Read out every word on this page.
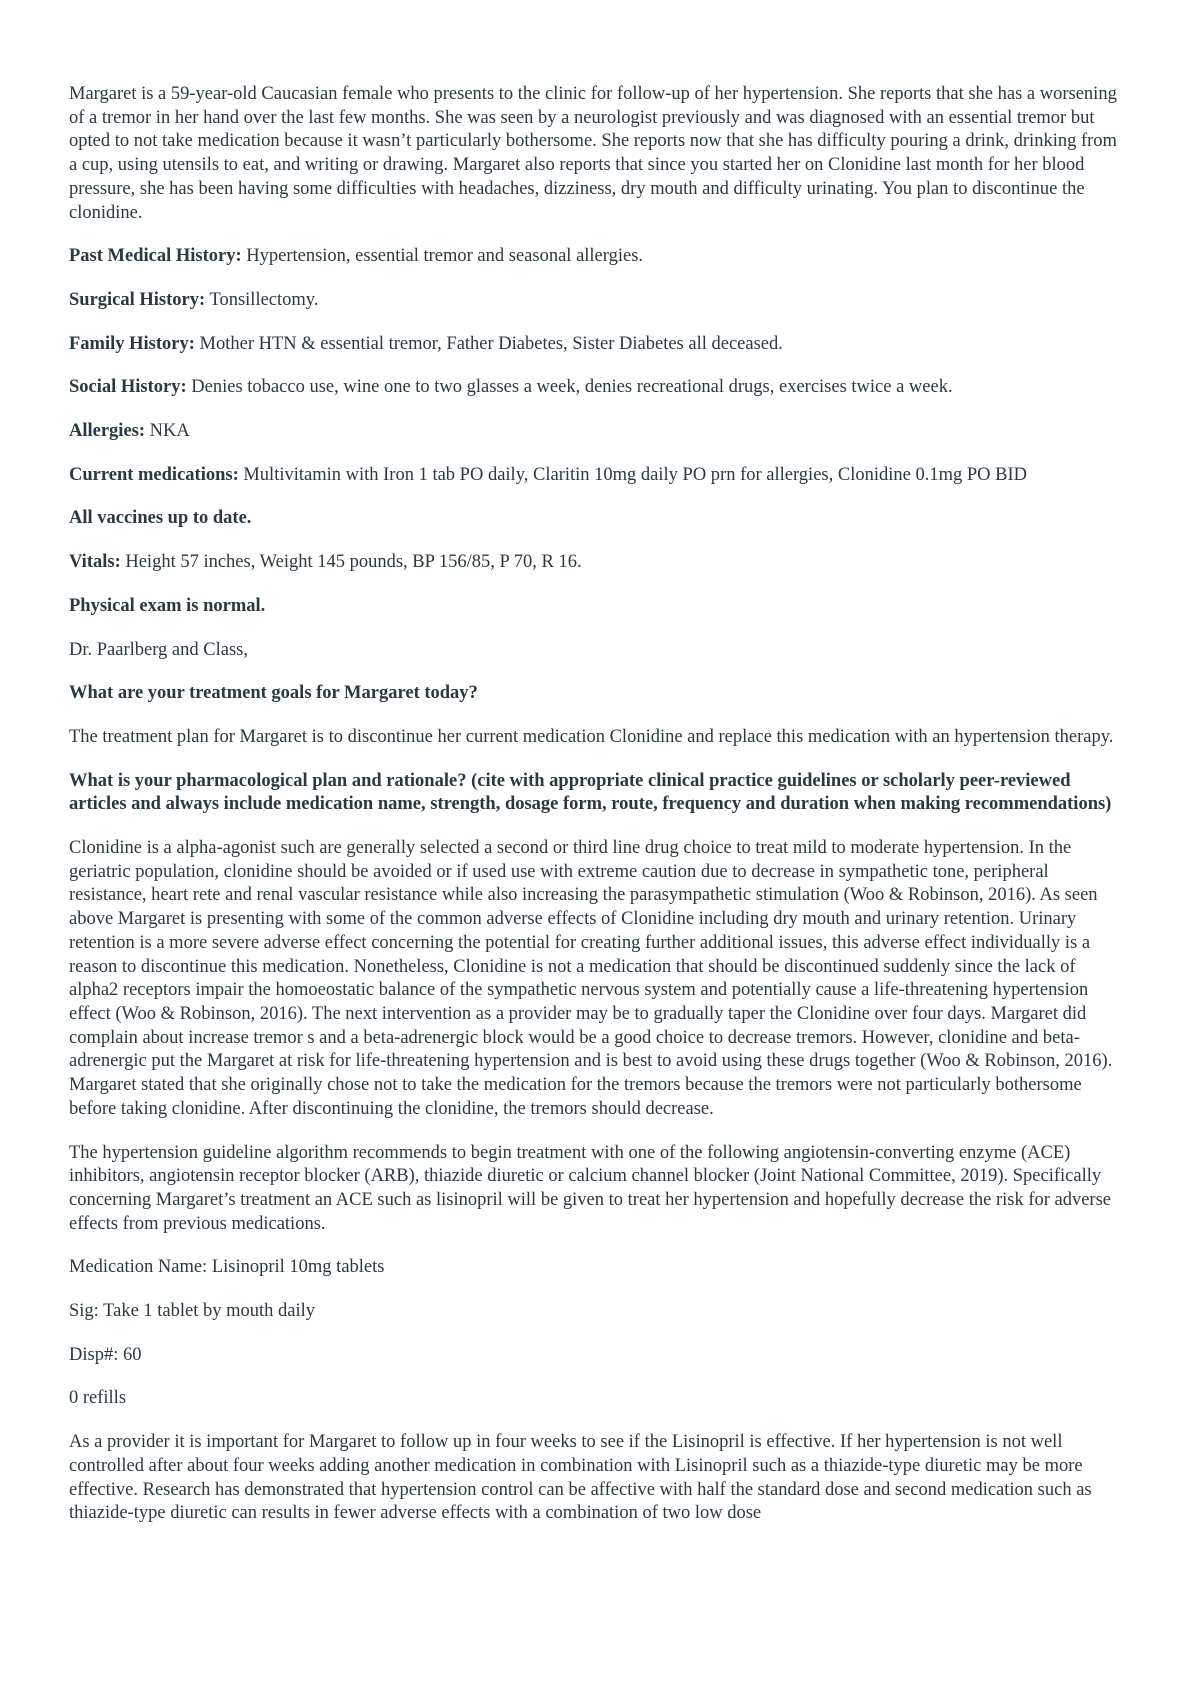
Margaret is a 59-year-old Caucasian female who presents to the clinic for follow-up of her hypertension. She reports that she has a worsening of a tremor in her hand over the last few months. She was seen by a neurologist previously and was diagnosed with an essential tremor but opted to not take medication because it wasn’t particularly bothersome. She reports now that she has difficulty pouring a drink, drinking from a cup, using utensils to eat, and writing or drawing. Margaret also reports that since you started her on Clonidine last month for her blood pressure, she has been having some difficulties with headaches, dizziness, dry mouth and difficulty urinating. You plan to discontinue the clonidine.

Past Medical History: Hypertension, essential tremor and seasonal allergies.

Surgical History: Tonsillectomy.

Family History: Mother HTN & essential tremor, Father Diabetes, Sister Diabetes all deceased.

Social History: Denies tobacco use, wine one to two glasses a week, denies recreational drugs, exercises twice a week.

Allergies: NKA

Current medications: Multivitamin with Iron 1 tab PO daily, Claritin 10mg daily PO prn for allergies, Clonidine 0.1mg PO BID

All vaccines up to date.

Vitals: Height 57 inches, Weight 145 pounds, BP 156/85, P 70, R 16.

Physical exam is normal.

Dr. Paarlberg and Class,

What are your treatment goals for Margaret today?

The treatment plan for Margaret is to discontinue her current medication Clonidine and replace this medication with an hypertension therapy.

What is your pharmacological plan and rationale? (cite with appropriate clinical practice guidelines or scholarly peer-reviewed articles and always include medication name, strength, dosage form, route, frequency and duration when making recommendations)

Clonidine is a alpha-agonist such are generally selected a second or third line drug choice to treat mild to moderate hypertension. In the geriatric population, clonidine should be avoided or if used use with extreme caution due to decrease in sympathetic tone, peripheral resistance, heart rete and renal vascular resistance while also increasing the parasympathetic stimulation (Woo & Robinson, 2016). As seen above Margaret is presenting with some of the common adverse effects of Clonidine including dry mouth and urinary retention. Urinary retention is a more severe adverse effect concerning the potential for creating further additional issues, this adverse effect individually is a reason to discontinue this medication. Nonetheless, Clonidine is not a medication that should be discontinued suddenly since the lack of alpha2 receptors impair the homoeostatic balance of the sympathetic nervous system and potentially cause a life-threatening hypertension effect (Woo & Robinson, 2016). The next intervention as a provider may be to gradually taper the Clonidine over four days. Margaret did complain about increase tremor s and a beta-adrenergic block would be a good choice to decrease tremors. However, clonidine and beta-adrenergic put the Margaret at risk for life-threatening hypertension and is best to avoid using these drugs together (Woo & Robinson, 2016). Margaret stated that she originally chose not to take the medication for the tremors because the tremors were not particularly bothersome before taking clonidine. After discontinuing the clonidine, the tremors should decrease.

The hypertension guideline algorithm recommends to begin treatment with one of the following angiotensin-converting enzyme (ACE) inhibitors, angiotensin receptor blocker (ARB), thiazide diuretic or calcium channel blocker (Joint National Committee, 2019). Specifically concerning Margaret’s treatment an ACE such as lisinopril will be given to treat her hypertension and hopefully decrease the risk for adverse effects from previous medications.

Medication Name: Lisinopril 10mg tablets

Sig: Take 1 tablet by mouth daily

Disp#: 60

0 refills

As a provider it is important for Margaret to follow up in four weeks to see if the Lisinopril is effective. If her hypertension is not well controlled after about four weeks adding another medication in combination with Lisinopril such as a thiazide-type diuretic may be more effective. Research has demonstrated that hypertension control can be affective with half the standard dose and second medication such as thiazide-type diuretic can results in fewer adverse effects with a combination of two low dose
